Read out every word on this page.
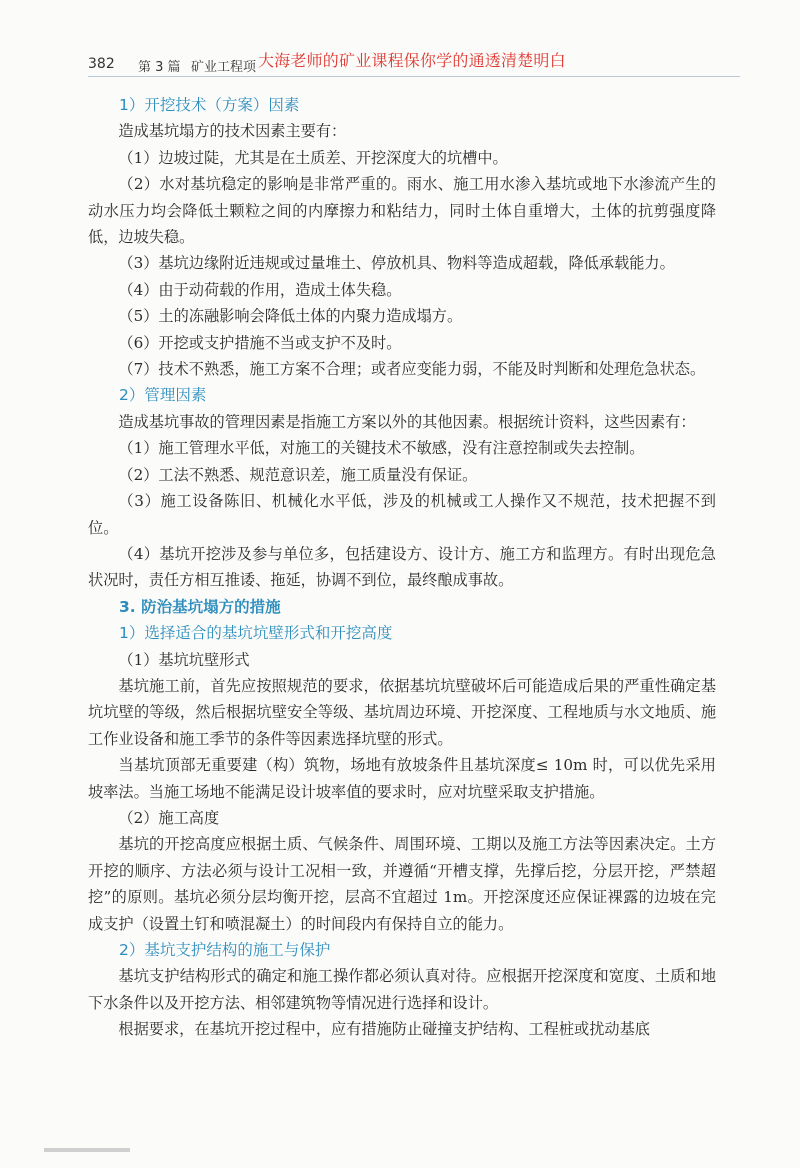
382 第 3 篇 矿业工程项 大海老师的矿业课程保你学的通透清楚明白

1）开挖技术（方案）因素

造成基坑塌方的技术因素主要有：

（1）边坡过陡，尤其是在土质差、开挖深度大的坑槽中。

（2）水对基坑稳定的影响是非常严重的。雨水、施工用水渗入基坑或地下水渗流产生的动水压力均会降低土颗粒之间的内摩擦力和粘结力，同时土体自重增大，土体的抗剪强度降低，边坡失稳。

（3）基坑边缘附近违规或过量堆土、停放机具、物料等造成超载，降低承载能力。

（4）由于动荷载的作用，造成土体失稳。

（5）土的冻融影响会降低土体的内聚力造成塌方。

（6）开挖或支护措施不当或支护不及时。

（7）技术不熟悉，施工方案不合理；或者应变能力弱，不能及时判断和处理危急状态。

2）管理因素

造成基坑事故的管理因素是指施工方案以外的其他因素。根据统计资料，这些因素有：

（1）施工管理水平低，对施工的关键技术不敏感，没有注意控制或失去控制。

（2）工法不熟悉、规范意识差，施工质量没有保证。

（3）施工设备陈旧、机械化水平低，涉及的机械或工人操作又不规范，技术把握不到位。

（4）基坑开挖涉及参与单位多，包括建设方、设计方、施工方和监理方。有时出现危急状况时，责任方相互推诿、拖延，协调不到位，最终酿成事故。

3. 防治基坑塌方的措施

1）选择适合的基坑坑壁形式和开挖高度

（1）基坑坑壁形式

基坑施工前，首先应按照规范的要求，依据基坑坑壁破坏后可能造成后果的严重性确定基坑坑壁的等级，然后根据坑壁安全等级、基坑周边环境、开挖深度、工程地质与水文地质、施工作业设备和施工季节的条件等因素选择坑壁的形式。

当基坑顶部无重要建（构）筑物，场地有放坡条件且基坑深度≤ 10m 时，可以优先采用坡率法。当施工场地不能满足设计坡率值的要求时，应对坑壁采取支护措施。

（2）施工高度

基坑的开挖高度应根据土质、气候条件、周围环境、工期以及施工方法等因素决定。土方开挖的顺序、方法必须与设计工况相一致，并遵循“开槽支撑，先撑后挖，分层开挖，严禁超挖”的原则。基坑必须分层均衡开挖，层高不宜超过 1m。开挖深度还应保证裸露的边坡在完成支护（设置土钉和喷混凝土）的时间段内有保持自立的能力。

2）基坑支护结构的施工与保护

基坑支护结构形式的确定和施工操作都必须认真对待。应根据开挖深度和宽度、土质和地下水条件以及开挖方法、相邻建筑物等情况进行选择和设计。

根据要求，在基坑开挖过程中，应有措施防止碰撞支护结构、工程桩或扰动基底
